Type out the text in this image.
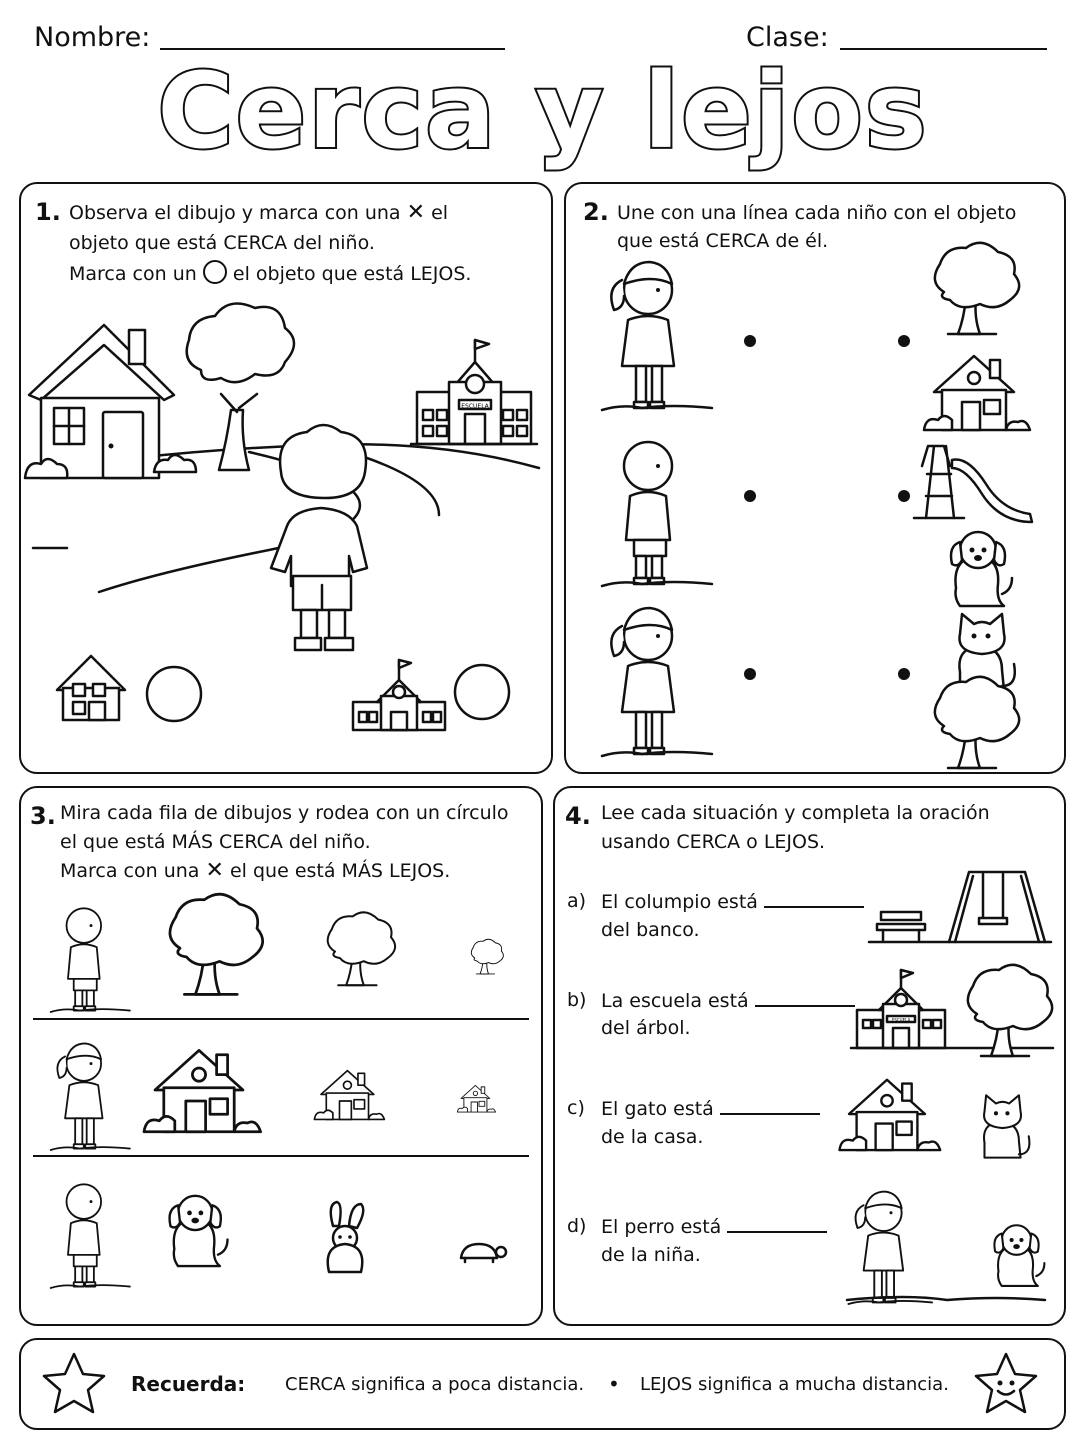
Nombre:	Clase:
Cerca y lejos
1. Observa el dibujo y marca con una ✕ el
objeto que está CERCA del niño.
Marca con un ○ el objeto que está LEJOS.
ESCUELA
2. Une con una línea cada niño con el objeto
que está CERCA de él.
3. Mira cada fila de dibujos y rodea con un círculo
el que está MÁS CERCA del niño.
Marca con una ✕ el que está MÁS LEJOS.
4. Lee cada situación y completa la oración
usando CERCA o LEJOS.
a) El columpio está
del banco.
b) La escuela está
del árbol.
c) El gato está
de la casa.
d) El perro está
de la niña.
ESCUELA
Recuerda: CERCA significa a poca distancia. • LEJOS significa a mucha distancia.
